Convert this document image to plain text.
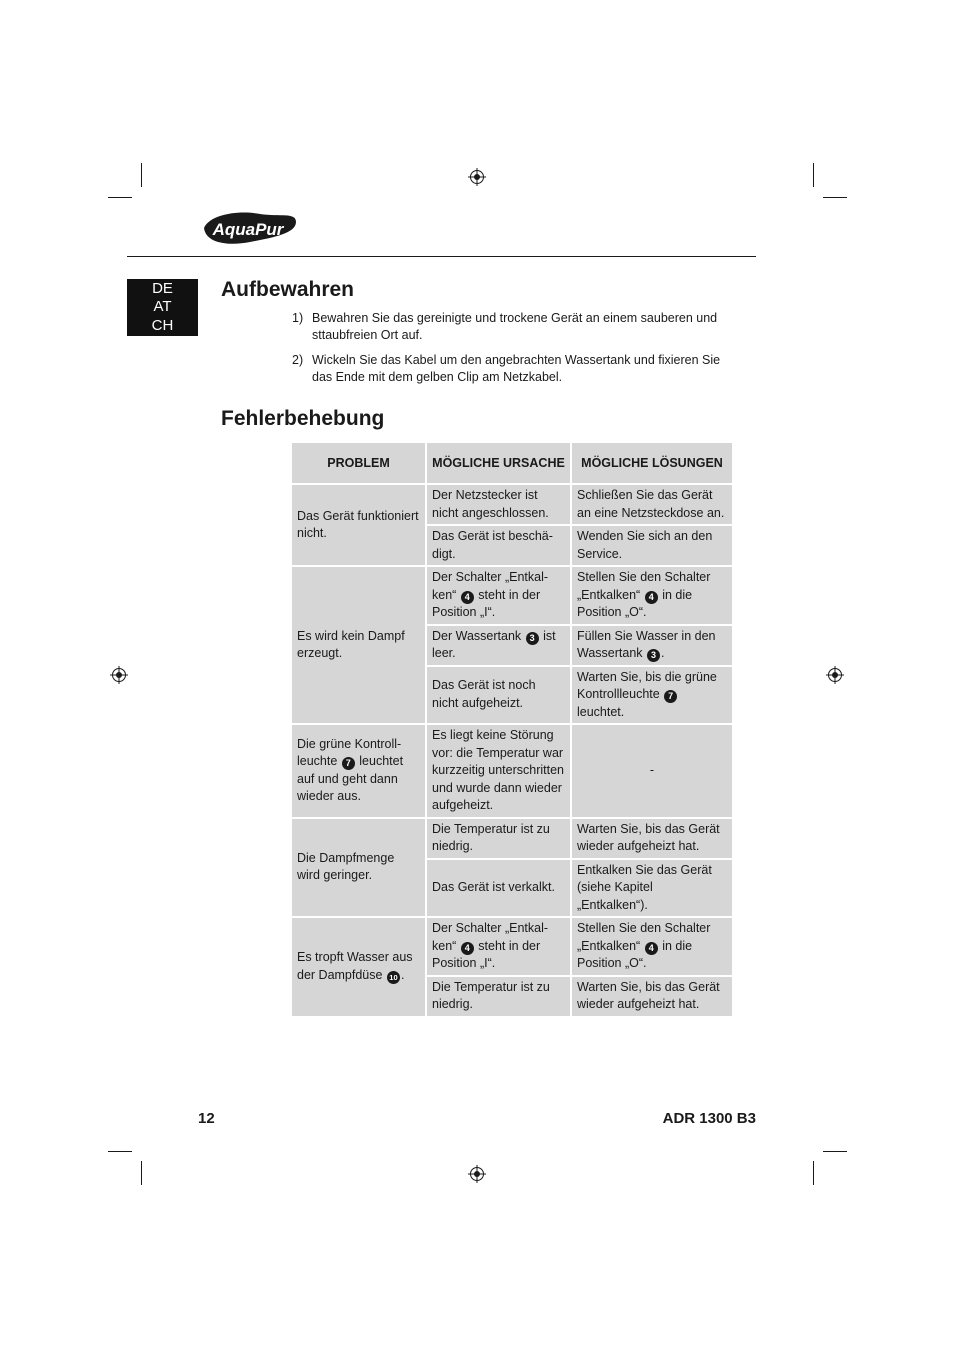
AquaPur
DE
AT
CH
Aufbewahren
1) Bewahren Sie das gereinigte und trockene Gerät an einem sauberen und sttaubfreien Ort auf.
2) Wickeln Sie das Kabel um den angebrachten Wassertank und fixieren Sie das Ende mit dem gelben Clip am Netzkabel.
Fehlerbehebung
PROBLEM	MÖGLICHE URSACHE	MÖGLICHE LÖSUNGEN
Das Gerät funktioniert nicht.	Der Netzstecker ist nicht angeschlossen.	Schließen Sie das Gerät an eine Netzsteckdose an.
	Das Gerät ist beschä-digt.	Wenden Sie sich an den Service.
Es wird kein Dampf erzeugt.	Der Schalter „Entkal-ken“ 4 steht in der Position „I“.	Stellen Sie den Schalter „Entkalken“ 4 in die Position „O“.
	Der Wassertank 3 ist leer.	Füllen Sie Wasser in den Wassertank 3 .
	Das Gerät ist noch nicht aufgeheizt.	Warten Sie, bis die grüne Kontrollleuchte 7 leuchtet.
Die grüne Kontroll-leuchte 7 leuchtet auf und geht dann wieder aus.	Es liegt keine Störung vor: die Temperatur war kurzzeitig unterschritten und wurde dann wieder aufgeheizt.	-
Die Dampfmenge wird geringer.	Die Temperatur ist zu niedrig.	Warten Sie, bis das Gerät wieder aufgeheizt hat.
	Das Gerät ist verkalkt.	Entkalken Sie das Gerät (siehe Kapitel „Entkalken“).
Es tropft Wasser aus der Dampfdüse 10 .	Der Schalter „Entkal-ken“ 4 steht in der Position „I“.	Stellen Sie den Schalter „Entkalken“ 4 in die Position „O“.
	Die Temperatur ist zu niedrig.	Warten Sie, bis das Gerät wieder aufgeheizt hat.
12	ADR 1300 B3
